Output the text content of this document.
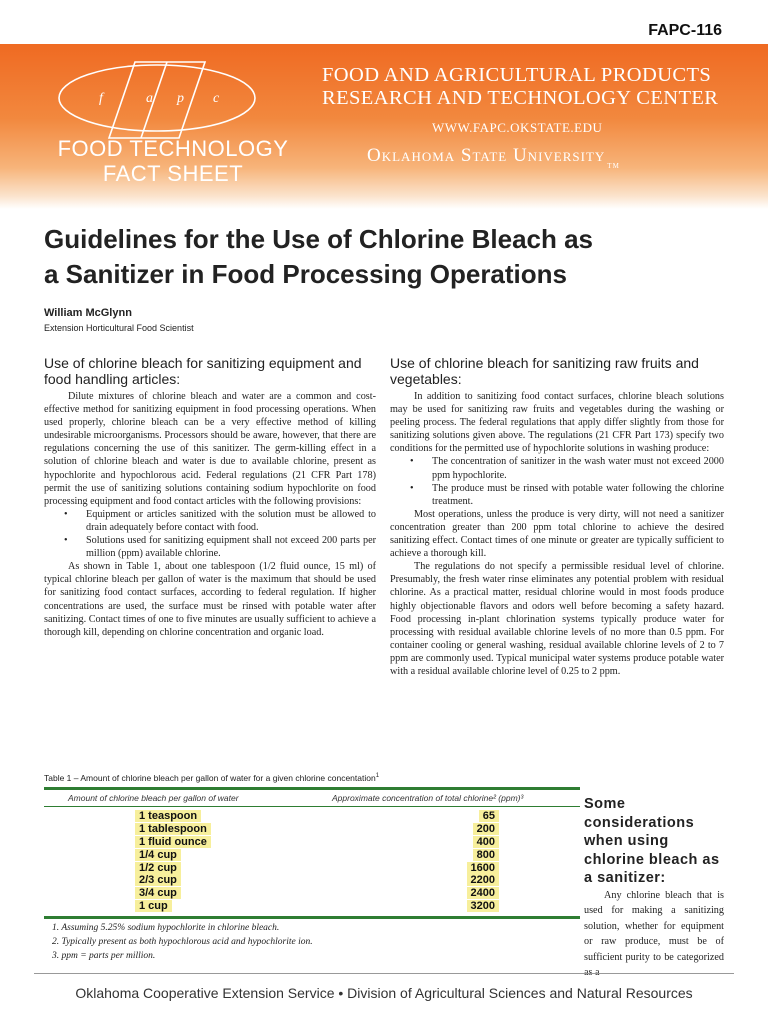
FAPC-116
f	a p c
FOOD TECHNOLOGY
FACT SHEET
FOOD AND AGRICULTURAL PRODUCTS
RESEARCH AND TECHNOLOGY CENTER
WWW.FAPC.OKSTATE.EDU
Oklahoma State University $_{TM}$
Guidelines for the Use of Chlorine Bleach as
a Sanitizer in Food Processing Operations
William McGlynn
Extension Horticultural Food Scientist
Use of chlorine bleach for sanitizing equipment and food handling articles:

Dilute mixtures of chlorine bleach and water are a common and cost-effective method for sanitizing equipment in food processing operations. When used properly, chlorine bleach can be a very effective method of killing undesirable microorganisms. Processors should be aware, however, that there are regulations concerning the use of this sanitizer. The germ-killing effect in a solution of chlorine bleach and water is due to available chlorine, present as hypochlorite and hypochlorous acid. Federal regulations (21 CFR Part 178) permit the use of sanitizing solutions containing sodium hypochlorite on food processing equipment and food contact articles with the following provisions:

• Equipment or articles sanitized with the solution must be allowed to drain adequately before contact with food.
• Solutions used for sanitizing equipment shall not exceed 200 parts per million (ppm) available chlorine.

As shown in Table 1, about one tablespoon (1/2 fluid ounce, 15 ml) of typical chlorine bleach per gallon of water is the maximum that should be used for sanitizing food contact surfaces, according to federal regulation. If higher concentrations are used, the surface must be rinsed with potable water after sanitizing. Contact times of one to five minutes are usually sufficient to achieve a thorough kill, depending on chlorine concentration and organic load.

Use of chlorine bleach for sanitizing raw fruits and vegetables:

In addition to sanitizing food contact surfaces, chlorine bleach solutions may be used for sanitizing raw fruits and vegetables during the washing or peeling process. The federal regulations that apply differ slightly from those for sanitizing solutions given above. The regulations (21 CFR Part 173) specify two conditions for the permitted use of hypochlorite solutions in washing produce:

• The concentration of sanitizer in the wash water must not exceed 2000 ppm hypochlorite.
• The produce must be rinsed with potable water following the chlorine treatment.

Most operations, unless the produce is very dirty, will not need a sanitizer concentration greater than 200 ppm total chlorine to achieve the desired sanitizing effect. Contact times of one minute or greater are typically sufficient to achieve a thorough kill.

The regulations do not specify a permissible residual level of chlorine. Presumably, the fresh water rinse eliminates any potential problem with residual chlorine. As a practical matter, residual chlorine would in most foods produce highly objectionable flavors and odors well before becoming a safety hazard. Food processing in-plant chlorination systems typically produce water for processing with residual available chlorine levels of no more than 0.5 ppm. For container cooling or general washing, residual available chlorine levels of 2 to 7 ppm are commonly used. Typical municipal water systems produce potable water with a residual available chlorine level of 0.25 to 2 ppm.

Table 1 – Amount of chlorine bleach per gallon of water for a given chlorine concentation$^1$
Amount of chlorine bleach per gallon of water	Approximate concentration of total chlorine² (ppm)³
1 teaspoon	65
1 tablespoon	200
1 fluid ounce	400
1/4 cup	800
1/2 cup	1600
2/3 cup	2200
3/4 cup	2400
1 cup	3200
1. Assuming 5.25% sodium hypochlorite in chlorine bleach.
2. Typically present as both hypochlorous acid and hypochlorite ion.
3. ppm = parts per million.
Some considerations when using chlorine bleach as a sanitizer:

Any chlorine bleach that is used for making a sanitizing solution, whether for equipment or raw produce, must be of sufficient purity to be categorized as a

Oklahoma Cooperative Extension Service • Division of Agricultural Sciences and Natural Resources
